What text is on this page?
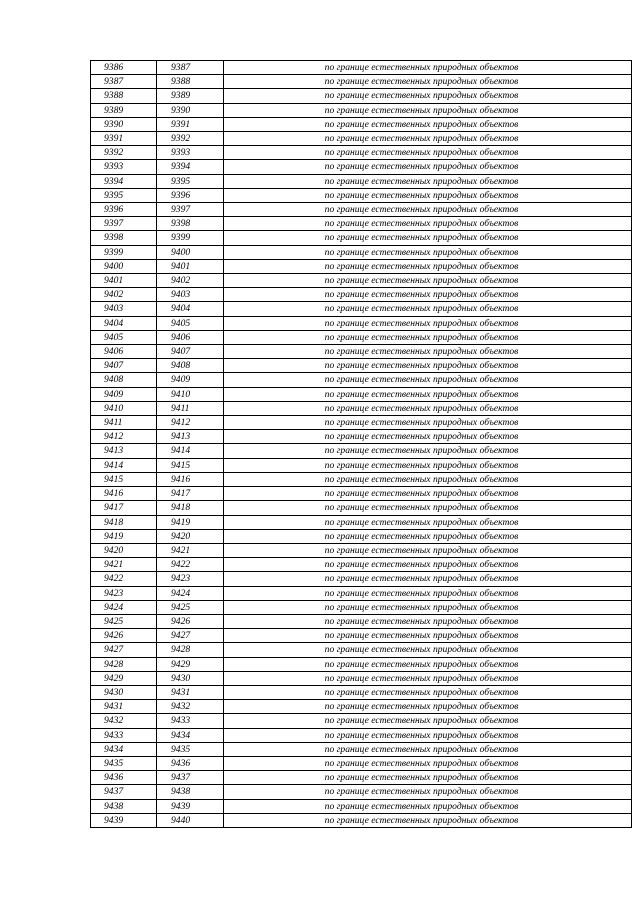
9386	9387	по границе естественных природных объектов
9387	9388	по границе естественных природных объектов
9388	9389	по границе естественных природных объектов
9389	9390	по границе естественных природных объектов
9390	9391	по границе естественных природных объектов
9391	9392	по границе естественных природных объектов
9392	9393	по границе естественных природных объектов
9393	9394	по границе естественных природных объектов
9394	9395	по границе естественных природных объектов
9395	9396	по границе естественных природных объектов
9396	9397	по границе естественных природных объектов
9397	9398	по границе естественных природных объектов
9398	9399	по границе естественных природных объектов
9399	9400	по границе естественных природных объектов
9400	9401	по границе естественных природных объектов
9401	9402	по границе естественных природных объектов
9402	9403	по границе естественных природных объектов
9403	9404	по границе естественных природных объектов
9404	9405	по границе естественных природных объектов
9405	9406	по границе естественных природных объектов
9406	9407	по границе естественных природных объектов
9407	9408	по границе естественных природных объектов
9408	9409	по границе естественных природных объектов
9409	9410	по границе естественных природных объектов
9410	9411	по границе естественных природных объектов
9411	9412	по границе естественных природных объектов
9412	9413	по границе естественных природных объектов
9413	9414	по границе естественных природных объектов
9414	9415	по границе естественных природных объектов
9415	9416	по границе естественных природных объектов
9416	9417	по границе естественных природных объектов
9417	9418	по границе естественных природных объектов
9418	9419	по границе естественных природных объектов
9419	9420	по границе естественных природных объектов
9420	9421	по границе естественных природных объектов
9421	9422	по границе естественных природных объектов
9422	9423	по границе естественных природных объектов
9423	9424	по границе естественных природных объектов
9424	9425	по границе естественных природных объектов
9425	9426	по границе естественных природных объектов
9426	9427	по границе естественных природных объектов
9427	9428	по границе естественных природных объектов
9428	9429	по границе естественных природных объектов
9429	9430	по границе естественных природных объектов
9430	9431	по границе естественных природных объектов
9431	9432	по границе естественных природных объектов
9432	9433	по границе естественных природных объектов
9433	9434	по границе естественных природных объектов
9434	9435	по границе естественных природных объектов
9435	9436	по границе естественных природных объектов
9436	9437	по границе естественных природных объектов
9437	9438	по границе естественных природных объектов
9438	9439	по границе естественных природных объектов
9439	9440	по границе естественных природных объектов
